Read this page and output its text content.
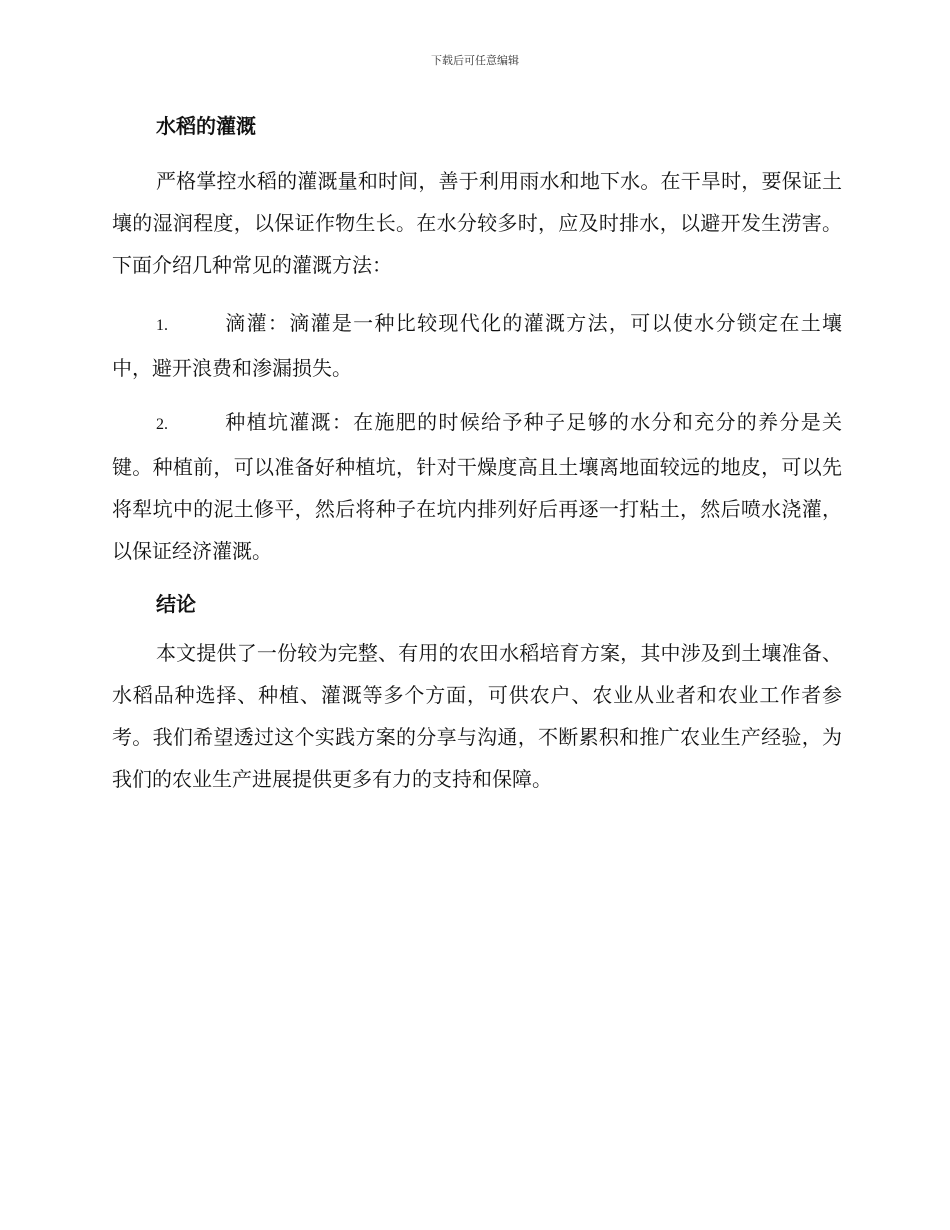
下载后可任意编辑
水稻的灌溉

严格掌控水稻的灌溉量和时间，善于利用雨水和地下水。在干旱时，要保证土壤的湿润程度，以保证作物生长。在水分较多时，应及时排水，以避开发生涝害。下面介绍几种常见的灌溉方法：

1.	滴灌：滴灌是一种比较现代化的灌溉方法，可以使水分锁定在土壤中，避开浪费和渗漏损失。

2.	种植坑灌溉：在施肥的时候给予种子足够的水分和充分的养分是关键。种植前，可以准备好种植坑，针对干燥度高且土壤离地面较远的地皮，可以先将犁坑中的泥土修平，然后将种子在坑内排列好后再逐一打粘土，然后喷水浇灌，以保证经济灌溉。

结论

本文提供了一份较为完整、有用的农田水稻培育方案，其中涉及到土壤准备、水稻品种选择、种植、灌溉等多个方面，可供农户、农业从业者和农业工作者参考。我们希望透过这个实践方案的分享与沟通，不断累积和推广农业生产经验，为我们的农业生产进展提供更多有力的支持和保障。
